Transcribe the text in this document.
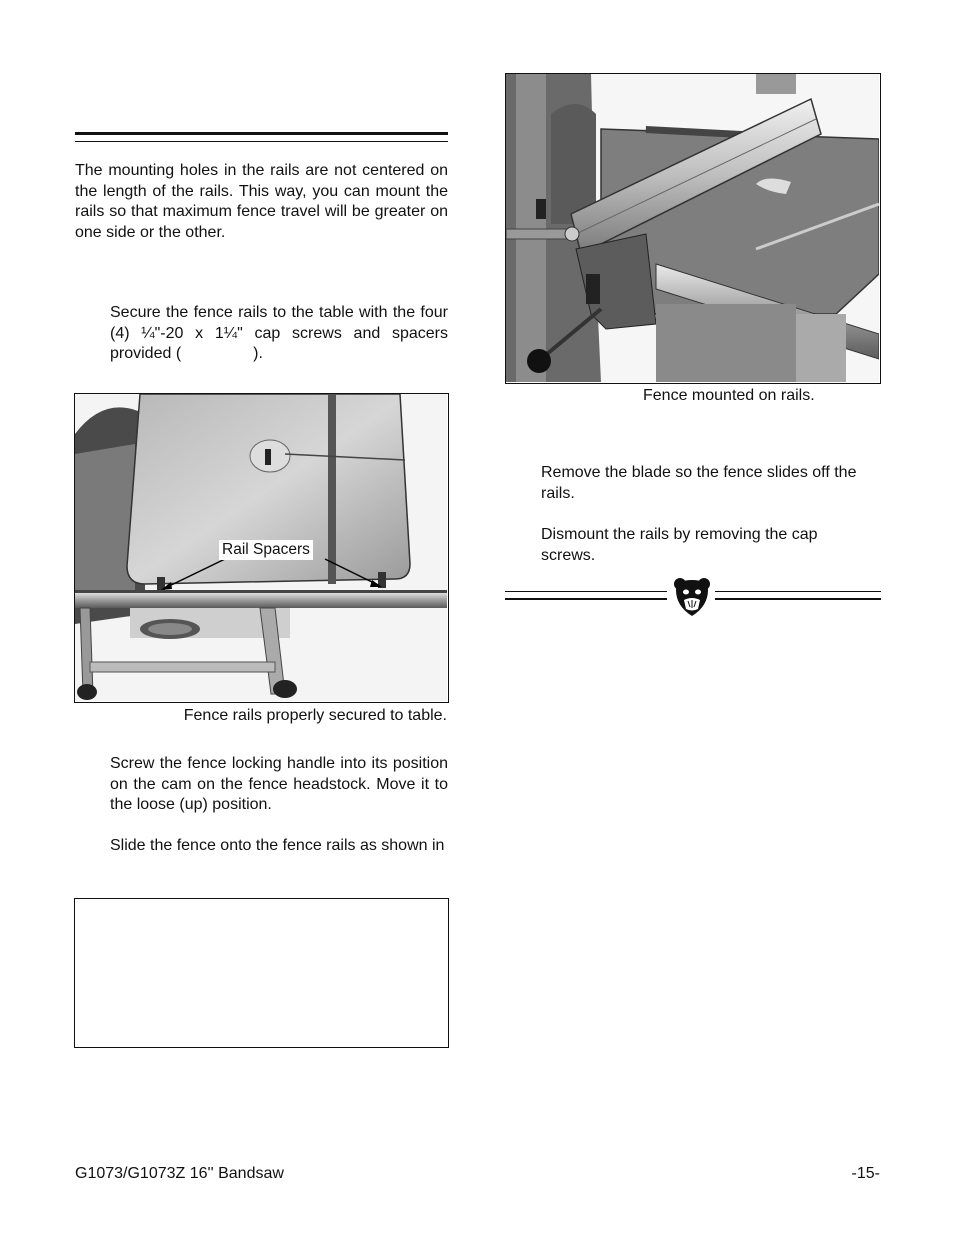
The mounting holes in the rails are not centered on the length of the rails. This way, you can mount the rails so that maximum fence travel will be greater on one side or the other.
Secure the fence rails to the table with the four (4) ¼"-20 x 1¼" cap screws and spacers provided (	).
Rail Spacers
Fence rails properly secured to table.
Screw the fence locking handle into its position on the cam on the fence headstock. Move it to the loose (up) position.
Slide the fence onto the fence rails as shown in
Fence mounted on rails.
Remove the blade so the fence slides off the rails.
Dismount the rails by removing the cap screws.
G1073/G1073Z 16'' Bandsaw	-15-
